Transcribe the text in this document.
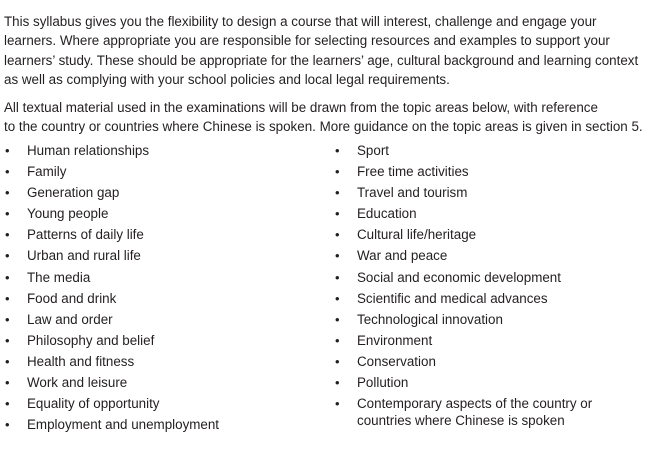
This syllabus gives you the flexibility to design a course that will interest, challenge and engage your
learners. Where appropriate you are responsible for selecting resources and examples to support your
learners’ study. These should be appropriate for the learners’ age, cultural background and learning context
as well as complying with your school policies and local legal requirements.

All textual material used in the examinations will be drawn from the topic areas below, with reference
to the country or countries where Chinese is spoken. More guidance on the topic areas is given in section 5.

• Human relationships
• Family
• Generation gap
• Young people
• Patterns of daily life
• Urban and rural life
• The media
• Food and drink
• Law and order
• Philosophy and belief
• Health and fitness
• Work and leisure
• Equality of opportunity
• Employment and unemployment
• Sport
• Free time activities
• Travel and tourism
• Education
• Cultural life/heritage
• War and peace
• Social and economic development
• Scientific and medical advances
• Technological innovation
• Environment
• Conservation
• Pollution
• Contemporary aspects of the country or
countries where Chinese is spoken
